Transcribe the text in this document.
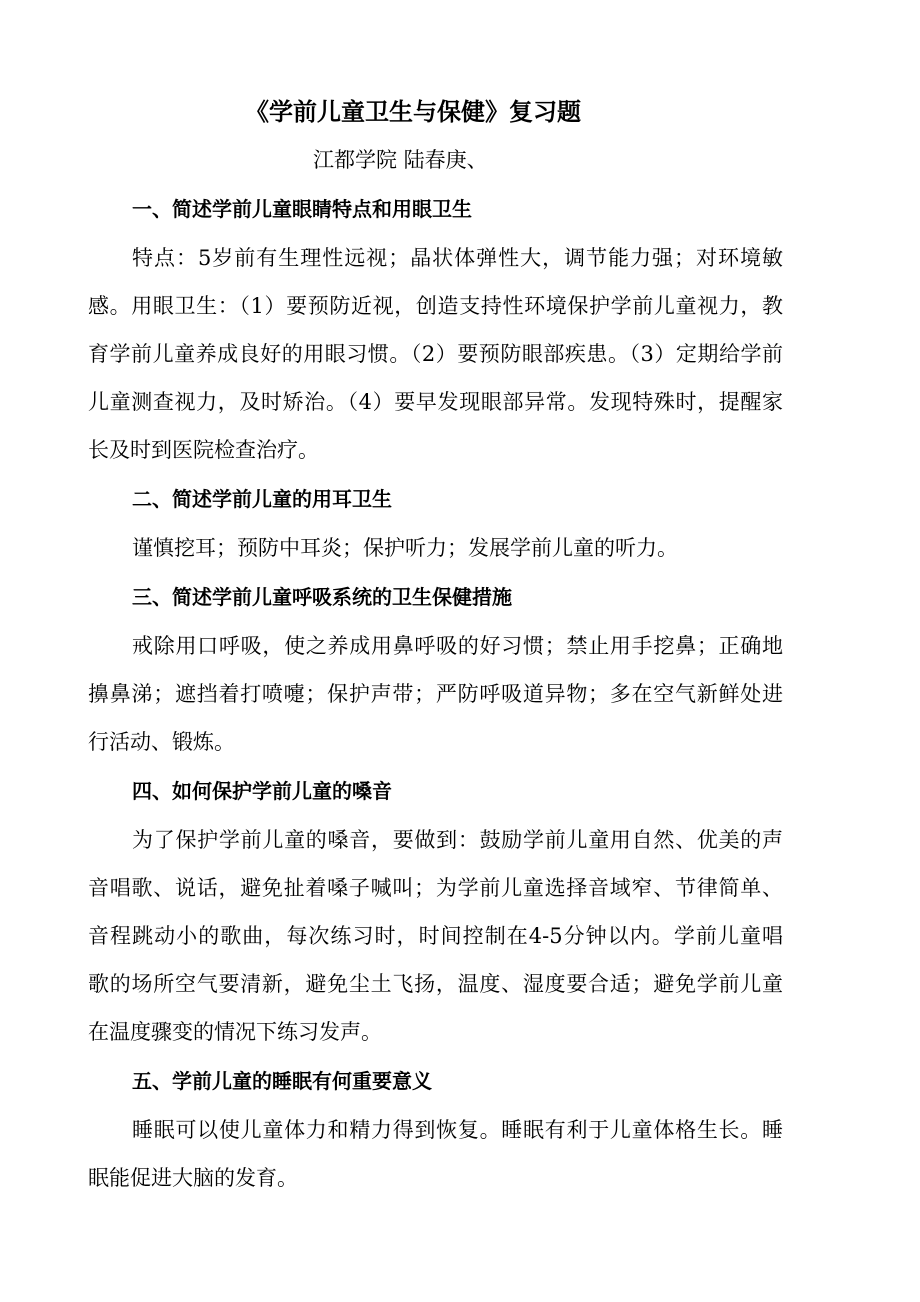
《学前儿童卫生与保健》复习题
江都学院 陆春庚、
一、简述学前儿童眼睛特点和用眼卫生
特点：5岁前有生理性远视；晶状体弹性大，调节能力强；对环境敏
感。用眼卫生：（1）要预防近视，创造支持性环境保护学前儿童视力，教
育学前儿童养成良好的用眼习惯。（2）要预防眼部疾患。（3）定期给学前
儿童测查视力，及时矫治。（4）要早发现眼部异常。发现特殊时，提醒家
长及时到医院检查治疗。
二、简述学前儿童的用耳卫生
谨慎挖耳；预防中耳炎；保护听力；发展学前儿童的听力。
三、简述学前儿童呼吸系统的卫生保健措施
戒除用口呼吸，使之养成用鼻呼吸的好习惯；禁止用手挖鼻；正确地
擤鼻涕；遮挡着打喷嚏；保护声带；严防呼吸道异物；多在空气新鲜处进
行活动、锻炼。
四、如何保护学前儿童的嗓音
为了保护学前儿童的嗓音，要做到：鼓励学前儿童用自然、优美的声
音唱歌、说话，避免扯着嗓子喊叫；为学前儿童选择音域窄、节律简单、
音程跳动小的歌曲，每次练习时，时间控制在4-5分钟以内。学前儿童唱
歌的场所空气要清新，避免尘土飞扬，温度、湿度要合适；避免学前儿童
在温度骤变的情况下练习发声。
五、学前儿童的睡眠有何重要意义
睡眠可以使儿童体力和精力得到恢复。睡眠有利于儿童体格生长。睡
眠能促进大脑的发育。
